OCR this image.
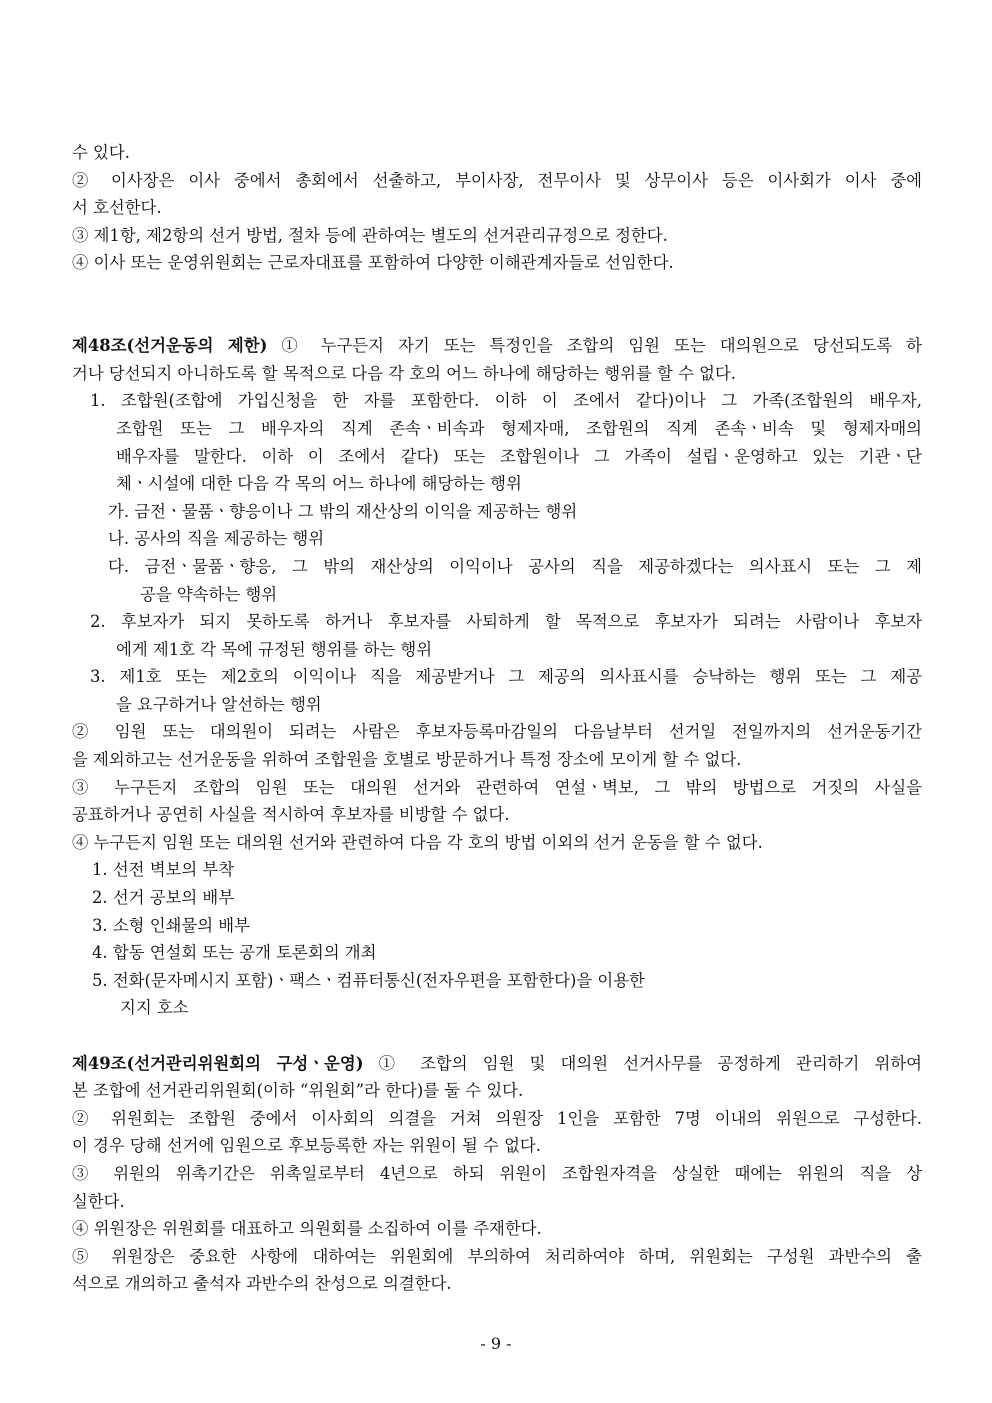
수 있다.
② 이사장은 이사 중에서 총회에서 선출하고, 부이사장, 전무이사 및 상무이사 등은 이사회가 이사 중에
서 호선한다.
③ 제1항, 제2항의 선거 방법, 절차 등에 관하여는 별도의 선거관리규정으로 정한다.
④ 이사 또는 운영위원회는 근로자대표를 포함하여 다양한 이해관계자들로 선임한다.
제48조(선거운동의 제한) ① 누구든지 자기 또는 특정인을 조합의 임원 또는 대의원으로 당선되도록 하
거나 당선되지 아니하도록 할 목적으로 다음 각 호의 어느 하나에 해당하는 행위를 할 수 없다.
1. 조합원(조합에 가입신청을 한 자를 포함한다. 이하 이 조에서 같다)이나 그 가족(조합원의 배우자,
조합원 또는 그 배우자의 직계 존속ㆍ비속과 형제자매, 조합원의 직계 존속ㆍ비속 및 형제자매의
배우자를 말한다. 이하 이 조에서 같다) 또는 조합원이나 그 가족이 설립ㆍ운영하고 있는 기관ㆍ단
체ㆍ시설에 대한 다음 각 목의 어느 하나에 해당하는 행위
가. 금전ㆍ물품ㆍ향응이나 그 밖의 재산상의 이익을 제공하는 행위
나. 공사의 직을 제공하는 행위
다. 금전ㆍ물품ㆍ향응, 그 밖의 재산상의 이익이나 공사의 직을 제공하겠다는 의사표시 또는 그 제
공을 약속하는 행위
2. 후보자가 되지 못하도록 하거나 후보자를 사퇴하게 할 목적으로 후보자가 되려는 사람이나 후보자
에게 제1호 각 목에 규정된 행위를 하는 행위
3. 제1호 또는 제2호의 이익이나 직을 제공받거나 그 제공의 의사표시를 승낙하는 행위 또는 그 제공
을 요구하거나 알선하는 행위
② 임원 또는 대의원이 되려는 사람은 후보자등록마감일의 다음날부터 선거일 전일까지의 선거운동기간
을 제외하고는 선거운동을 위하여 조합원을 호별로 방문하거나 특정 장소에 모이게 할 수 없다.
③ 누구든지 조합의 임원 또는 대의원 선거와 관련하여 연설ㆍ벽보, 그 밖의 방법으로 거짓의 사실을
공표하거나 공연히 사실을 적시하여 후보자를 비방할 수 없다.
④ 누구든지 임원 또는 대의원 선거와 관련하여 다음 각 호의 방법 이외의 선거 운동을 할 수 없다.
1. 선전 벽보의 부착
2. 선거 공보의 배부
3. 소형 인쇄물의 배부
4. 합동 연설회 또는 공개 토론회의 개최
5. 전화(문자메시지 포함)ㆍ팩스ㆍ컴퓨터통신(전자우편을 포함한다)을 이용한
지지 호소
제49조(선거관리위원회의 구성ㆍ운영) ① 조합의 임원 및 대의원 선거사무를 공정하게 관리하기 위하여
본 조합에 선거관리위원회(이하 “위원회”라 한다)를 둘 수 있다.
② 위원회는 조합원 중에서 이사회의 의결을 거쳐 의원장 1인을 포함한 7명 이내의 위원으로 구성한다.
이 경우 당해 선거에 임원으로 후보등록한 자는 위원이 될 수 없다.
③ 위원의 위촉기간은 위촉일로부터 4년으로 하되 위원이 조합원자격을 상실한 때에는 위원의 직을 상
실한다.
④ 위원장은 위원회를 대표하고 의원회를 소집하여 이를 주재한다.
⑤ 위원장은 중요한 사항에 대하여는 위원회에 부의하여 처리하여야 하며, 위원회는 구성원 과반수의 출
석으로 개의하고 출석자 과반수의 찬성으로 의결한다.
- 9 -
